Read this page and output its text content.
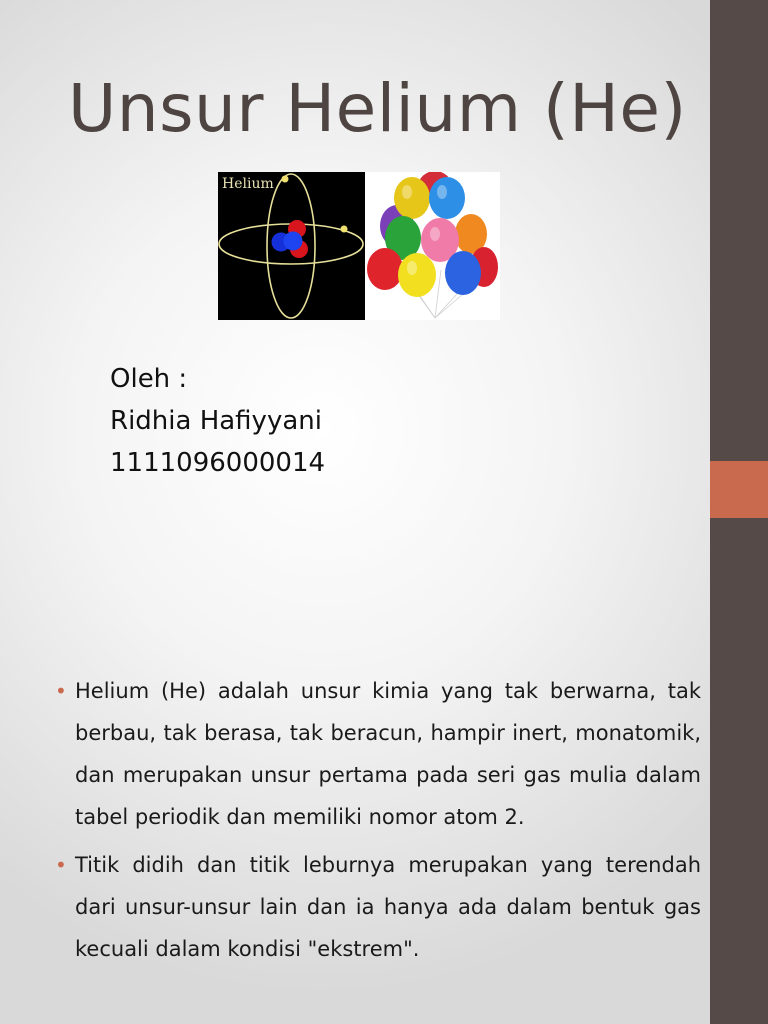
Unsur Helium (He)
Helium
Oleh :
Ridhia Hafiyyani
1111096000014
• Helium (He) adalah unsur kimia yang tak berwarna, tak berbau, tak berasa, tak beracun, hampir inert, monatomik, dan merupakan unsur pertama pada seri gas mulia dalam tabel periodik dan memiliki nomor atom 2.
• Titik didih dan titik leburnya merupakan yang terendah dari unsur-unsur lain dan ia hanya ada dalam bentuk gas kecuali dalam kondisi "ekstrem".
